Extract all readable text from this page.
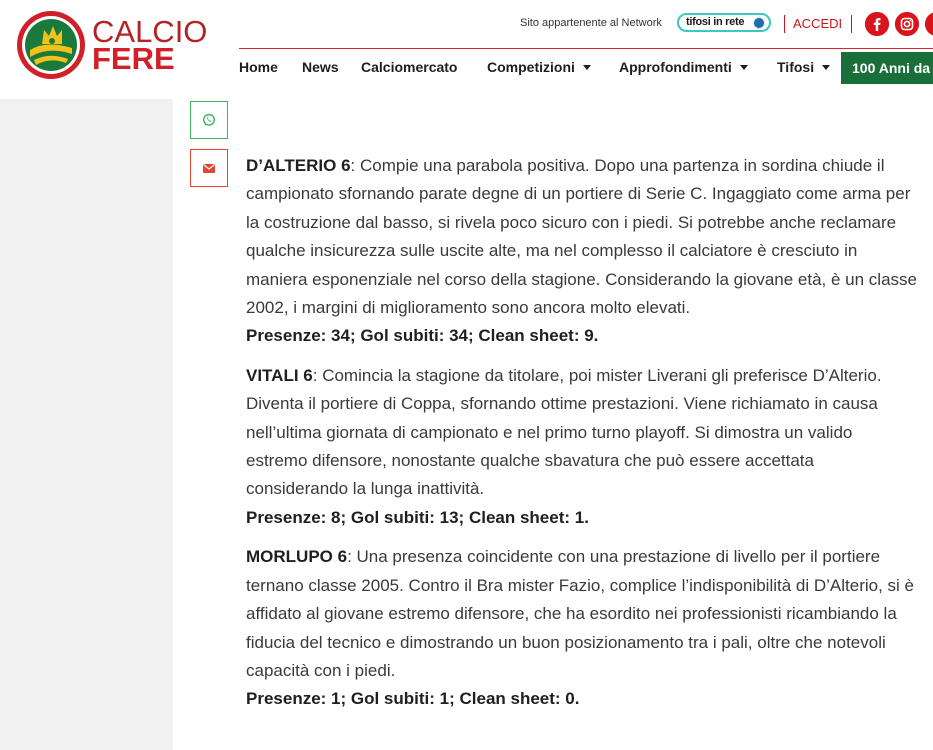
CALCIO
FERE
Sito appartenente al Network tifosi in rete	ACCEDI
Home News Calciomercato Competizioni	Approfondimenti	Tifosi	100 Anni da

D’ALTERIO 6: Compie una parabola positiva. Dopo una partenza in sordina chiude il campionato sfornando parate degne di un portiere di Serie C. Ingaggiato come arma per la costruzione dal basso, si rivela poco sicuro con i piedi. Si potrebbe anche reclamare qualche insicurezza sulle uscite alte, ma nel complesso il calciatore è cresciuto in maniera esponenziale nel corso della stagione. Considerando la giovane età, è un classe 2002, i margini di miglioramento sono ancora molto elevati.
Presenze: 34; Gol subiti: 34; Clean sheet: 9.

VITALI 6: Comincia la stagione da titolare, poi mister Liverani gli preferisce D’Alterio. Diventa il portiere di Coppa, sfornando ottime prestazioni. Viene richiamato in causa nell’ultima giornata di campionato e nel primo turno playoff. Si dimostra un valido estremo difensore, nonostante qualche sbavatura che può essere accettata considerando la lunga inattività.
Presenze: 8; Gol subiti: 13; Clean sheet: 1.

MORLUPO 6: Una presenza coincidente con una prestazione di livello per il portiere ternano classe 2005. Contro il Bra mister Fazio, complice l’indisponibilità di D’Alterio, si è affidato al giovane estremo difensore, che ha esordito nei professionisti ricambiando la fiducia del tecnico e dimostrando un buon posizionamento tra i pali, oltre che notevoli capacità con i piedi.
Presenze: 1; Gol subiti: 1; Clean sheet: 0.
